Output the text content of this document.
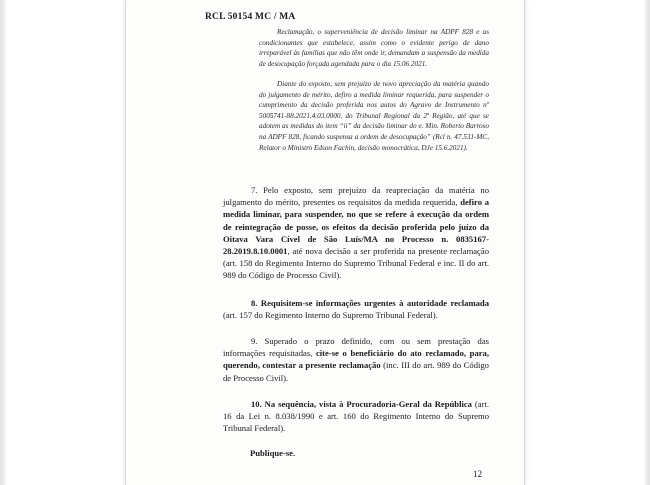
RCL 50154 MC / MA
Reclamação, o superveniência de decisão liminar na ADPF 828 e as condicionantes que estabelece, assim como o evidente perigo de dano irreparável às famílias que não têm onde ir, demandam a suspensão da medida de desocupação forçada agendada para o dia 15.06.2021.
Diante do exposto, sem prejuízo de novo apreciação da matéria quando do julgamento de mérito, defiro a medida liminar requerida, para suspender o cumprimento da decisão proferida nos autos do Agravo de Instrumento nº 5005741-88.2021.4.03.0000, do Tribunal Regional da 2ª Região, até que se adotem as medidas do item “ii” da decisão liminar do e. Min. Roberto Barroso na ADPF 828, ficando suspensa a ordem de desocupação” (Rcl n. 47.531-MC, Relator o Ministro Edson Fachin, decisão monocrática, DJe 15.6.2021).
7. Pelo exposto, sem prejuízo da reapreciação da matéria no julgamento do mérito, presentes os requisitos da medida requerida, defiro a medida liminar, para suspender, no que se refere à execução da ordem de reintegração de posse, os efeitos da decisão proferida pelo juízo da Oitava Vara Cível de São Luís/MA no Processo n. 0835167-28.2019.8.10.0001, até nova decisão a ser proferida na presente reclamação (art. 158 do Regimento Interno do Supremo Tribunal Federal e inc. II do art. 989 do Código de Processo Civil).
8. Requisitem-se informações urgentes à autoridade reclamada (art. 157 do Regimento Interno do Supremo Tribunal Federal).
9. Superado o prazo definido, com ou sem prestação das informações requisitadas, cite-se o beneficiário do ato reclamado, para, querendo, contestar a presente reclamação (inc. III do art. 989 do Código de Processo Civil).
10. Na sequência, vista à Procuradoria-Geral da República (art. 16 da Lei n. 8.038/1990 e art. 160 do Regimento Interno do Supremo Tribunal Federal).
Publique-se.
12
